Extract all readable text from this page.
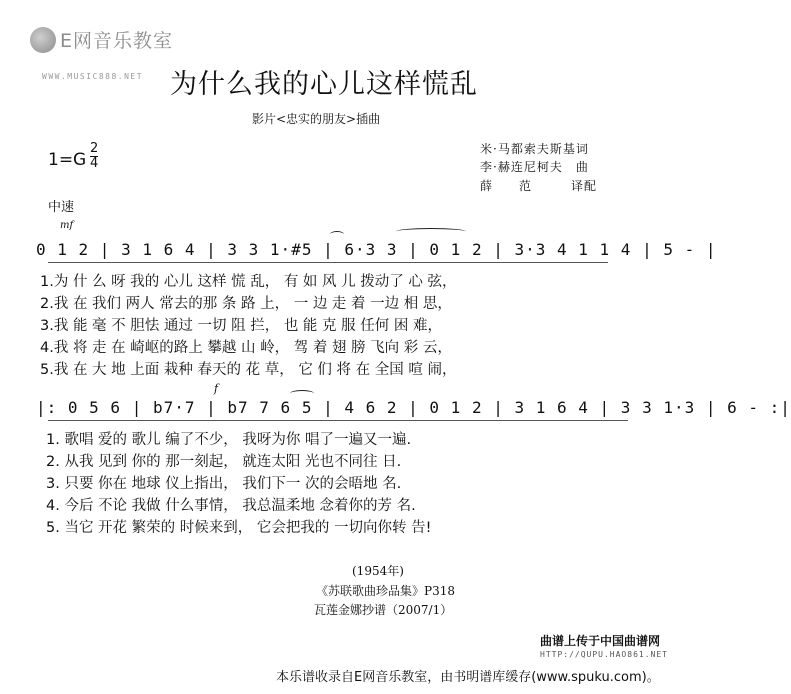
E网音乐教室
WWW.MUSIC888.NET 为什么我的心儿这样慌乱
影片<忠实的朋友>插曲
米·马都索夫斯基词
李·赫连尼柯夫　曲
薛　　范　　　译配
1=G
2
4
中速
mf
0 1 2 | 3 1 6 4 | 3 3 1·#5 | 6·3 3 | 0 1 2 | 3·3 4 1 1 4 | 5 - |
1.为 什 么 呀 我的 心儿 这样 慌 乱， 有 如 风 儿 拨动了 心 弦，
2.我 在 我们 两人 常去的那 条 路 上， 一 边 走 着 一边 相 思，
3.我 能 毫 不 胆怯 通过 一切 阻 拦， 也 能 克 服 任何 困 难，
4.我 将 走 在 崎岖的路上 攀越 山 岭， 驾 着 翅 膀 飞向 彩 云，
5.我 在 大 地 上面 栽种 春天的 花 草， 它 们 将 在 全国 喧 闹，
f
|: 0 5 6 | b7·7 | b7 7 6 5 | 4 6 2 | 0 1 2 | 3 1 6 4 | 3 3 1·3 | 6 - :|
1. 歌唱 爱的 歌儿 编了不少， 我呀为你 唱了一遍又一遍.
2. 从我 见到 你的 那一刻起， 就连太阳 光也不同往 日.
3. 只要 你在 地球 仪上指出， 我们下一 次的会晤地 名.
4. 今后 不论 我做 什么事情， 我总温柔地 念着你的芳 名.
5. 当它 开花 繁荣的 时候来到， 它会把我的 一切向你转 告!
(1954年)
《苏联歌曲珍品集》P318
瓦莲金娜抄谱（2007/1）
曲谱上传于中国曲谱网
HTTP://QUPU.HAO861.NET
本乐谱收录自E网音乐教室，由书明谱库缓存(www.spuku.com)。
